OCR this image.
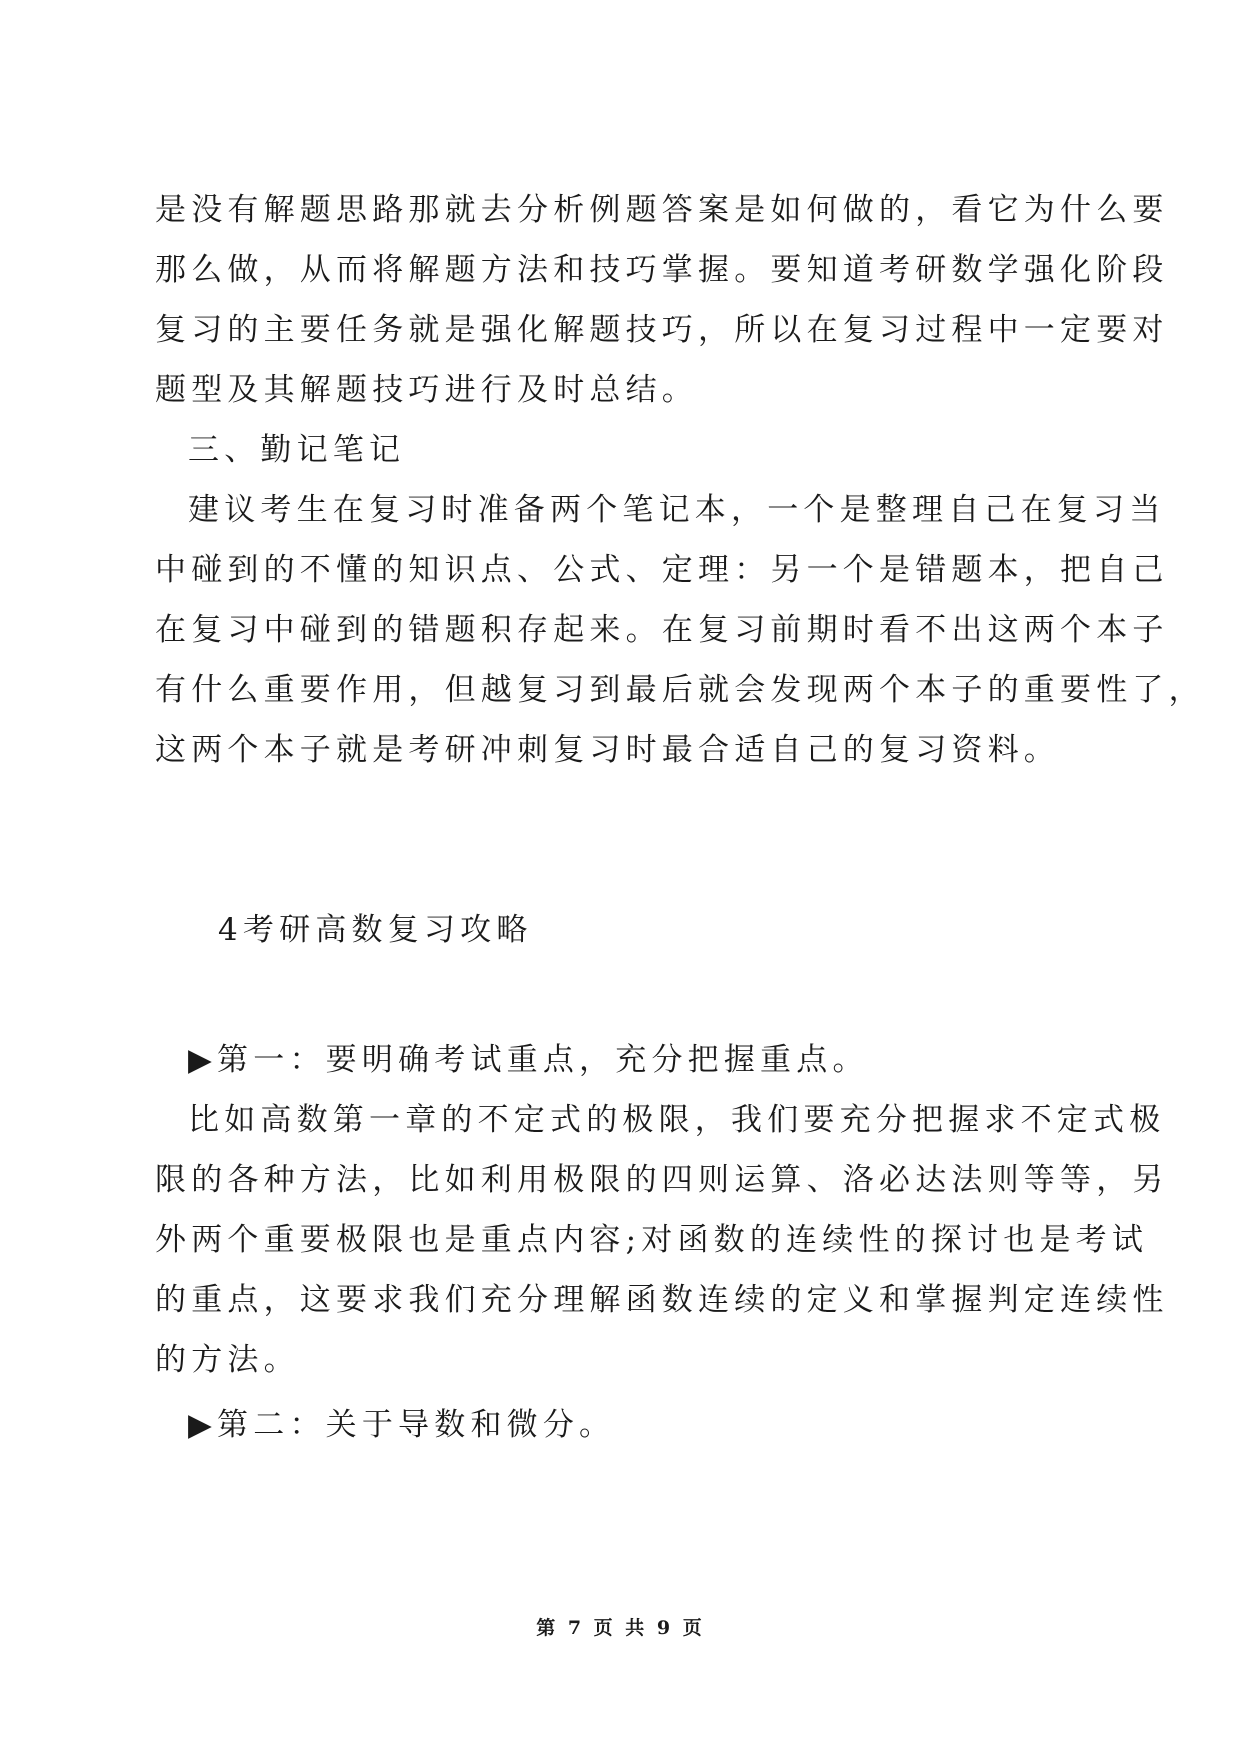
是没有解题思路那就去分析例题答案是如何做的，看它为什么要
那么做，从而将解题方法和技巧掌握。要知道考研数学强化阶段
复习的主要任务就是强化解题技巧，所以在复习过程中一定要对
题型及其解题技巧进行及时总结。
三、勤记笔记
建议考生在复习时准备两个笔记本，一个是整理自己在复习当
中碰到的不懂的知识点、公式、定理：另一个是错题本，把自己
在复习中碰到的错题积存起来。在复习前期时看不出这两个本子
有什么重要作用，但越复习到最后就会发现两个本子的重要性了，
这两个本子就是考研冲刺复习时最合适自己的复习资料。
4考研高数复习攻略
▶第一：要明确考试重点，充分把握重点。
比如高数第一章的不定式的极限，我们要充分把握求不定式极
限的各种方法，比如利用极限的四则运算、洛必达法则等等，另
外两个重要极限也是重点内容;对函数的连续性的探讨也是考试
的重点，这要求我们充分理解函数连续的定义和掌握判定连续性
的方法。
▶第二：关于导数和微分。
第 7 页 共 9 页
